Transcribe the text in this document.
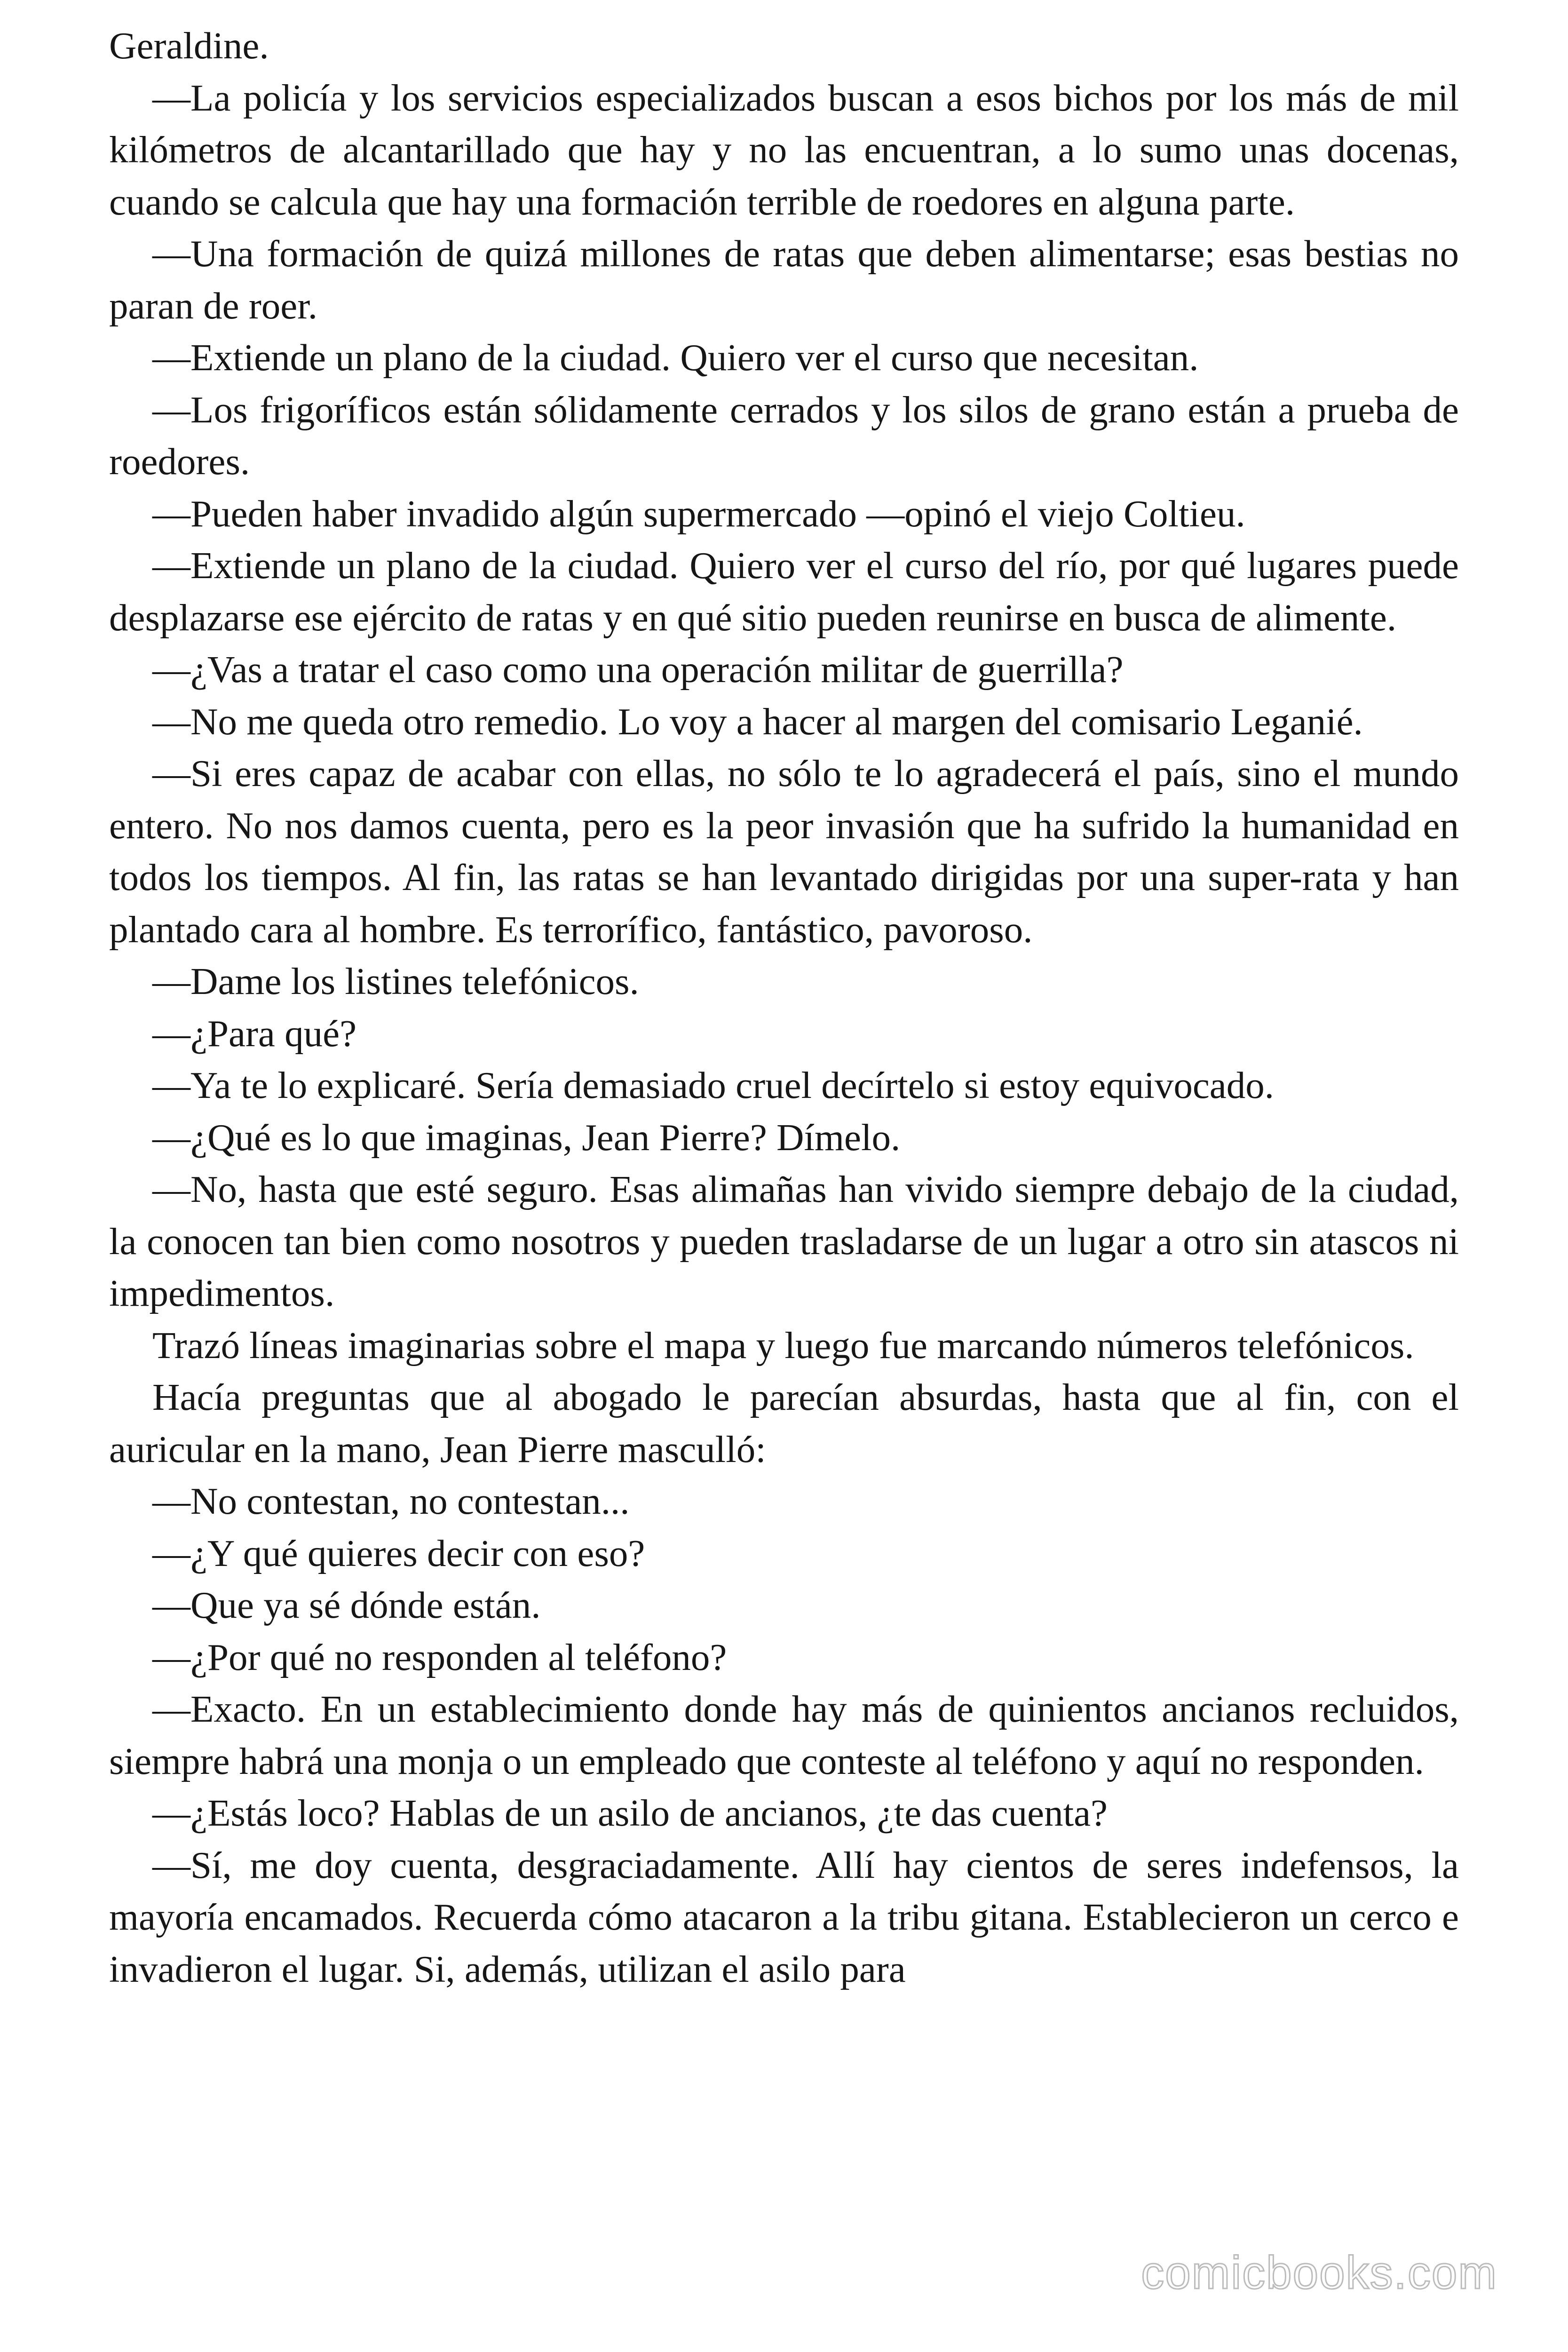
Geraldine.

—La policía y los servicios especializados buscan a esos bichos por los más de mil kilómetros de alcantarillado que hay y no las encuentran, a lo sumo unas docenas, cuando se calcula que hay una formación terrible de roedores en alguna parte.

—Una formación de quizá millones de ratas que deben alimentarse; esas bestias no paran de roer.

—Extiende un plano de la ciudad. Quiero ver el curso que necesitan.

—Los frigoríficos están sólidamente cerrados y los silos de grano están a prueba de roedores.

—Pueden haber invadido algún supermercado —opinó el viejo Coltieu.

—Extiende un plano de la ciudad. Quiero ver el curso del río, por qué lugares puede desplazarse ese ejército de ratas y en qué sitio pueden reunirse en busca de alimente.

—¿Vas a tratar el caso como una operación militar de guerrilla?

—No me queda otro remedio. Lo voy a hacer al margen del comisario Leganié.

—Si eres capaz de acabar con ellas, no sólo te lo agradecerá el país, sino el mundo entero. No nos damos cuenta, pero es la peor invasión que ha sufrido la humanidad en todos los tiempos. Al fin, las ratas se han levantado dirigidas por una super-rata y han plantado cara al hombre. Es terrorífico, fantástico, pavoroso.

—Dame los listines telefónicos.

—¿Para qué?

—Ya te lo explicaré. Sería demasiado cruel decírtelo si estoy equivocado.

—¿Qué es lo que imaginas, Jean Pierre? Dímelo.

—No, hasta que esté seguro. Esas alimañas han vivido siempre debajo de la ciudad, la conocen tan bien como nosotros y pueden trasladarse de un lugar a otro sin atascos ni impedimentos.

Trazó líneas imaginarias sobre el mapa y luego fue marcando números telefónicos.

Hacía preguntas que al abogado le parecían absurdas, hasta que al fin, con el auricular en la mano, Jean Pierre masculló:

—No contestan, no contestan...

—¿Y qué quieres decir con eso?

—Que ya sé dónde están.

—¿Por qué no responden al teléfono?

—Exacto. En un establecimiento donde hay más de quinientos ancianos recluidos, siempre habrá una monja o un empleado que conteste al teléfono y aquí no responden.

—¿Estás loco? Hablas de un asilo de ancianos, ¿te das cuenta?

—Sí, me doy cuenta, desgraciadamente. Allí hay cientos de seres indefensos, la mayoría encamados. Recuerda cómo atacaron a la tribu gitana. Establecieron un cerco e invadieron el lugar. Si, además, utilizan el asilo para

comicbooks.com
